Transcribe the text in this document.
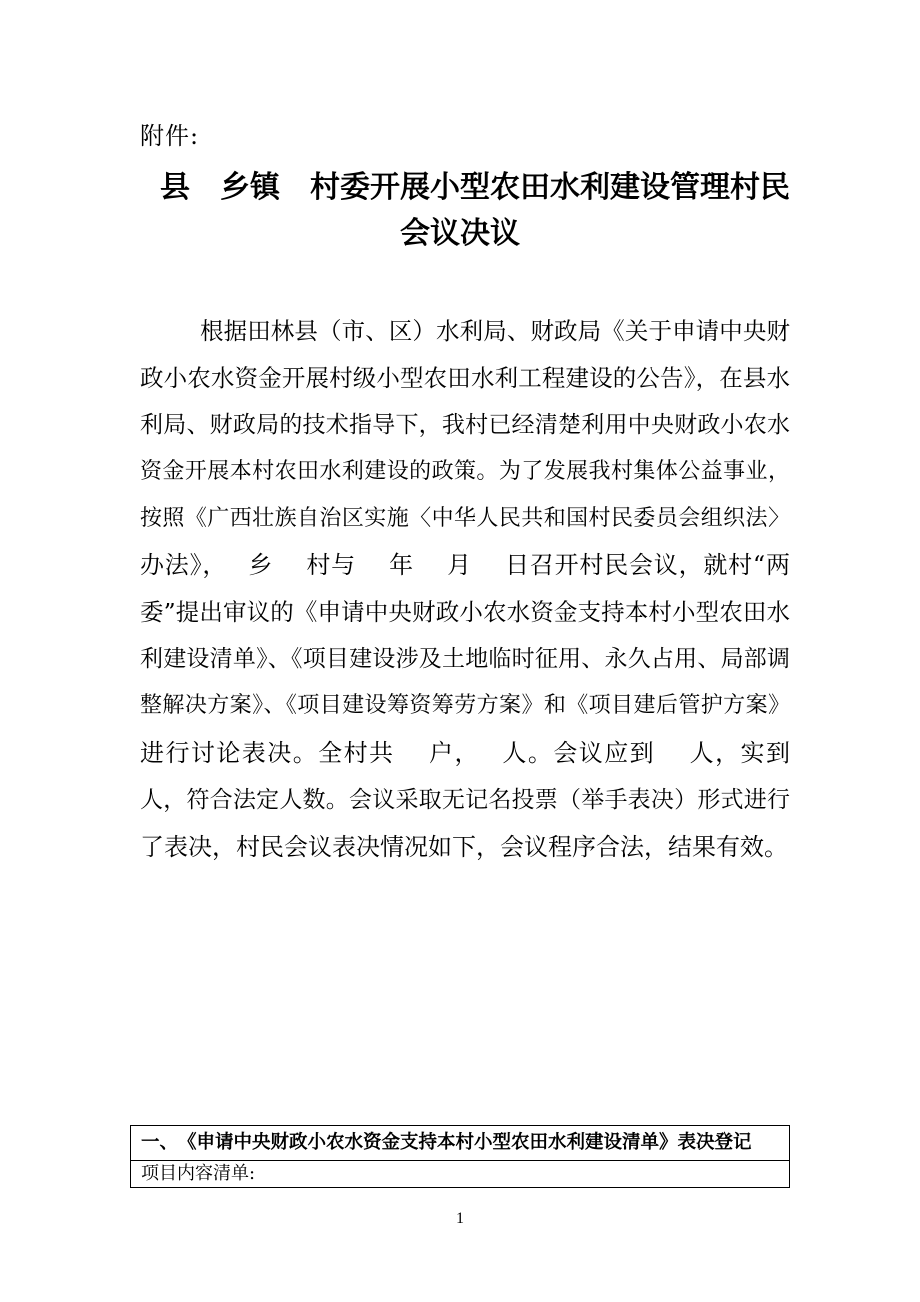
附件:
县　乡镇　村委开展小型农田水利建设管理村民
会议决议
根据田林县（市、区）水利局、财政局《关于申请中央财
政小农水资金开展村级小型农田水利工程建设的公告》，在县水
利局、财政局的技术指导下，我村已经清楚利用中央财政小农水
资金开展本村农田水利建设的政策。为了发展我村集体公益事业，
按照《广西壮族自治区实施〈中华人民共和国村民委员会组织法〉
办法》，　 乡　 村与　 年　 月　 日召开村民会议，就村“两
委”提出审议的《申请中央财政小农水资金支持本村小型农田水
利建设清单》、《项目建设涉及土地临时征用、永久占用、局部调
整解决方案》、《项目建设筹资筹劳方案》和《项目建后管护方案》
进行讨论表决。全村共　 户，　 人。会议应到　 人，实到
人，符合法定人数。会议采取无记名投票（举手表决）形式进行
了表决，村民会议表决情况如下，会议程序合法，结果有效。
一、　《申请中央财政小农水资金支持本村小型农田水利建设清单》表决登记
项目内容清单:
1
